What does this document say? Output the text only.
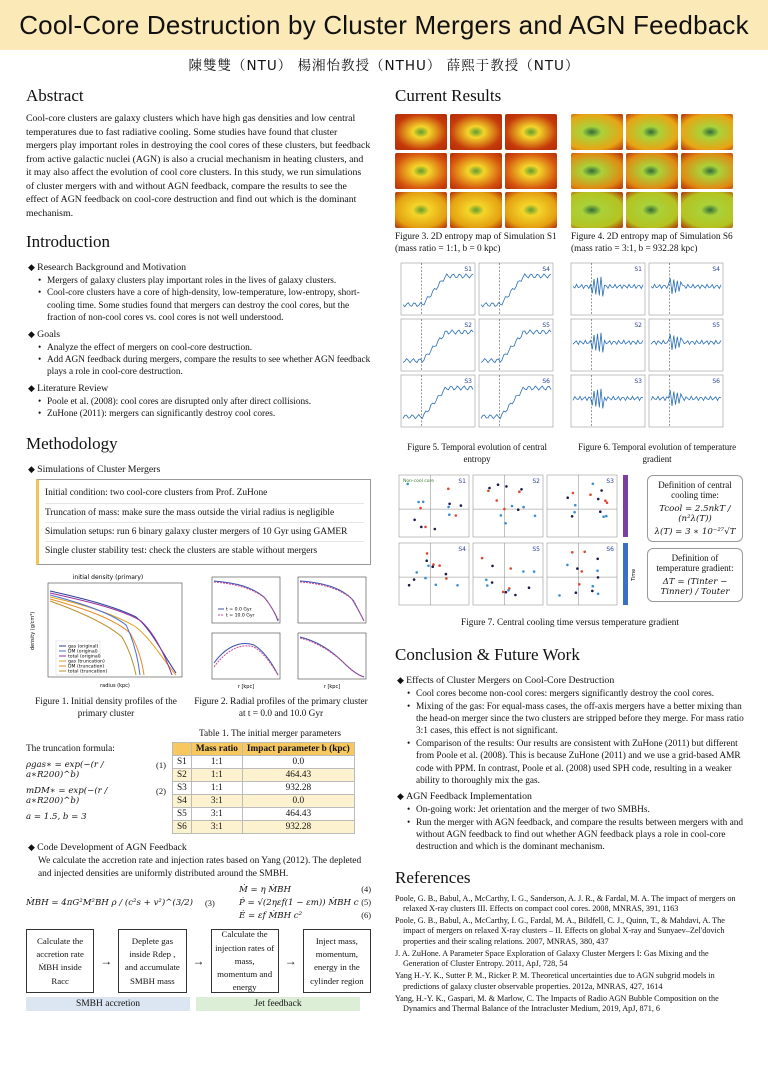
Cool-Core Destruction by Cluster Mergers and AGN Feedback
陳雙雙（NTU） 楊湘怡教授（NTHU） 薛熙于教授（NTU）
Abstract

Cool-core clusters are galaxy clusters which have high gas densities and low central temperatures due to fast radiative cooling. Some studies have found that cluster mergers play important roles in destroying the cool cores of these clusters, but feedback from active galactic nuclei (AGN) is also a crucial mechanism in heating clusters, and it may also affect the evolution of cool core clusters. In this study, we run simulations of cluster mergers with and without AGN feedback, compare the results to see the effect of AGN feedback on cool-core destruction and find out which is the dominant mechanism.

Introduction
◆ Research Background and Motivation
• Mergers of galaxy clusters play important roles in the lives of galaxy clusters.
• Cool-core clusters have a core of high-density, low-temperature, low-entropy, short-cooling time. Some studies found that mergers can destroy the cool cores, but the fraction of non-cool cores vs. cool cores is not well understood.
◆ Goals
• Analyze the effect of mergers on cool-core destruction.
• Add AGN feedback during mergers, compare the results to see whether AGN feedback plays a role in cool-core destruction.
◆ Literature Review
• Poole et al. (2008): cool cores are disrupted only after direct collisions.
• ZuHone (2011): mergers can significantly destroy cool cores.
Methodology
◆ Simulations of Cluster Mergers
Initial condition: two cool-core clusters from Prof. ZuHone
Truncation of mass: make sure the mass outside the virial radius is negligible
Simulation setups: run 6 binary galaxy cluster mergers of 10 Gyr using GAMER
Single cluster stability test: check the clusters are stable without mergers
initial density (primary)
gas (original)
DM (original)
total (original)
gas (truncation)
DM (truncation)
total (truncation)
radius (kpc)
density (g/cm³)
Figure 1. Initial density profiles of the primary cluster
t = 0.0 Gyr
t = 10.0 Gyr
r [kpc]	r [kpc]
Figure 2. Radial profiles of the primary cluster at t = 0.0 and 10.0 Gyr
The truncation formula:
ρgas∗ = exp(−(r / a∗R200)^b)
(1)
mDM∗ = exp(−(r / a∗R200)^b)
(2)
a = 1.5, b = 3
Table 1. The initial merger parameters
	Mass ratio	Impact parameter b (kpc)
S1	1:1	0.0
S2	1:1	464.43
S3	1:1	932.28
S4	3:1	0.0
S5	3:1	464.43
S6	3:1	932.28
◆ Code Development of AGN Feedback

We calculate the accretion rate and injection rates based on Yang (2012). The depleted and injected densities are uniformly distributed around the SMBH.

ṀBH = 4πG²M²BH ρ / (c²s + v²)^(3/2) (3)
Ṁ = η ṀBH	(4)
Ṗ = √(2ηεf(1 − εm)) ṀBH c (5)
Ė = εf ṀBH c²	(6)
Calculate the accretion rate ṀBH inside Racc
→
Deplete gas inside Rdep , and accumulate SMBH mass
→
Calculate the injection rates of mass, momentum and energy
→
Inject mass, momentum, energy in the cylinder region
SMBH accretion	Jet feedback
Current Results
Figure 3. 2D entropy map of Simulation S1 (mass ratio = 1:1, b = 0 kpc)
Figure 4. 2D entropy map of Simulation S6 (mass ratio = 3:1, b = 932.28 kpc)
S1	S4
S2	S5
S3	S6
S1	S4
S2	S5
S3	S6
Figure 5. Temporal evolution of central entropy
Figure 6. Temporal evolution of temperature gradient
S1	S2	S3
S4	S5	S6
Non-cool core
Time
Definition of central cooling time:
Tcool = 2.5nkT / (n²λ(T))
λ(T) = 3 ∗ 10⁻²⁷√T
Definition of temperature gradient:
ΔT = (Tinter − Tinner) / Touter
Figure 7. Central cooling time versus temperature gradient
Conclusion & Future Work
◆ Effects of Cluster Mergers on Cool-Core Destruction
• Cool cores become non-cool cores: mergers significantly destroy the cool cores.
• Mixing of the gas: For equal-mass cases, the off-axis mergers have a better mixing than the head-on merger since the two clusters are stripped before they merge. For mass ratio 3:1 cases, this effect is not significant.
• Comparison of the results: Our results are consistent with ZuHone (2011) but different from Poole et al. (2008). This is because ZuHone (2011) and we use a grid-based AMR code with PPM. In contrast, Poole et al. (2008) used SPH code, resulting in a weaker ability to thoroughly mix the gas.
◆ AGN Feedback Implementation
• On-going work: Jet orientation and the merger of two SMBHs.
• Run the merger with AGN feedback, and compare the results between mergers with and without AGN feedback to find out whether AGN feedback plays a role in cool-core destruction and which is the dominant mechanism.
References

Poole, G. B., Babul, A., McCarthy, I. G., Sanderson, A. J. R., & Fardal, M. A. The impact of mergers on relaxed X-ray clusters III. Effects on compact cool cores. 2008, MNRAS, 391, 1163

Poole, G. B., Babul, A., McCarthy, I. G., Fardal, M. A., Bildfell, C. J., Quinn, T., & Mahdavi, A. The impact of mergers on relaxed X-ray clusters – II. Effects on global X-ray and Sunyaev–Zel'dovich properties and their scaling relations. 2007, MNRAS, 380, 437

J. A. ZuHone. A Parameter Space Exploration of Galaxy Cluster Mergers I: Gas Mixing and the Generation of Cluster Entropy. 2011, ApJ, 728, 54

Yang H.-Y. K., Sutter P. M., Ricker P. M. Theoretical uncertainties due to AGN subgrid models in predictions of galaxy cluster observable properties. 2012a, MNRAS, 427, 1614

Yang, H.-Y. K., Gaspari, M. & Marlow, C. The Impacts of Radio AGN Bubble Composition on the Dynamics and Thermal Balance of the Intracluster Medium, 2019, ApJ, 871, 6
